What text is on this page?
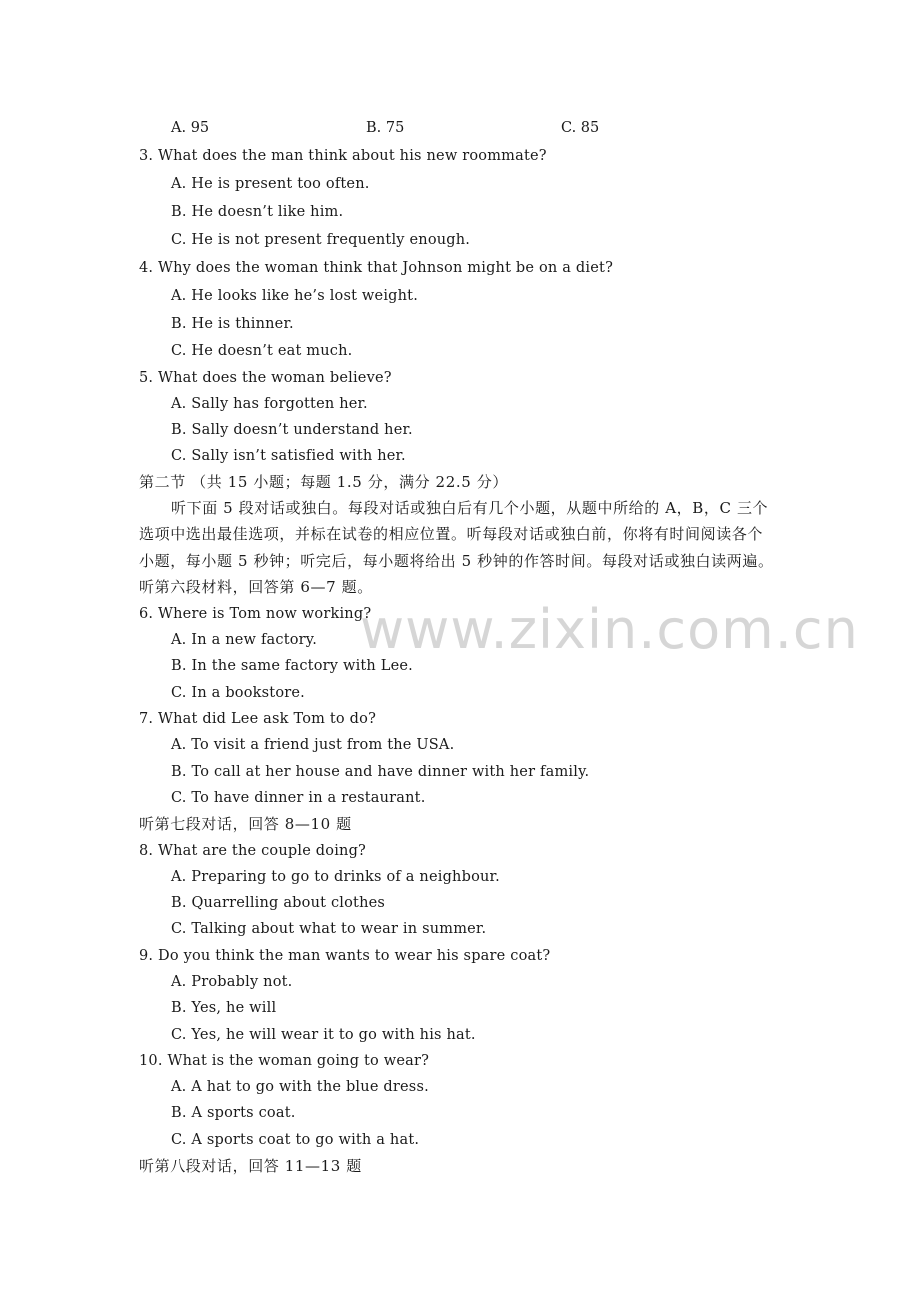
A. 95	B. 75	C. 85
3. What does the man think about his new roommate?
A. He is present too often.
B. He doesn’t like him.
C. He is not present frequently enough.
4. Why does the woman think that Johnson might be on a diet?
A. He looks like he’s lost weight.
B. He is thinner.
C. He doesn’t eat much.
5. What does the woman believe?
A. Sally has forgotten her.
B. Sally doesn’t understand her.
C. Sally isn’t satisfied with her.
第二节 （共 15 小题；每题 1.5 分，满分 22.5 分）
听下面 5 段对话或独白。每段对话或独白后有几个小题，从题中所给的 A，B，C 三个
选项中选出最佳选项，并标在试卷的相应位置。听每段对话或独白前，你将有时间阅读各个
小题，每小题 5 秒钟；听完后，每小题将给出 5 秒钟的作答时间。每段对话或独白读两遍。
听第六段材料，回答第 6—7 题。
6. Where is Tom now working?
A. In a new factory.
B. In the same factory with Lee.
C. In a bookstore.
7. What did Lee ask Tom to do?
A. To visit a friend just from the USA.
B. To call at her house and have dinner with her family.
C. To have dinner in a restaurant.
听第七段对话，回答 8—10 题
8. What are the couple doing?
A. Preparing to go to drinks of a neighbour.
B. Quarrelling about clothes
C. Talking about what to wear in summer.
9. Do you think the man wants to wear his spare coat?
A. Probably not.
B. Yes, he will
C. Yes, he will wear it to go with his hat.
10. What is the woman going to wear?
A. A hat to go with the blue dress.
B. A sports coat.
C. A sports coat to go with a hat.
听第八段对话，回答 11—13 题
www.zixin.com.cn
